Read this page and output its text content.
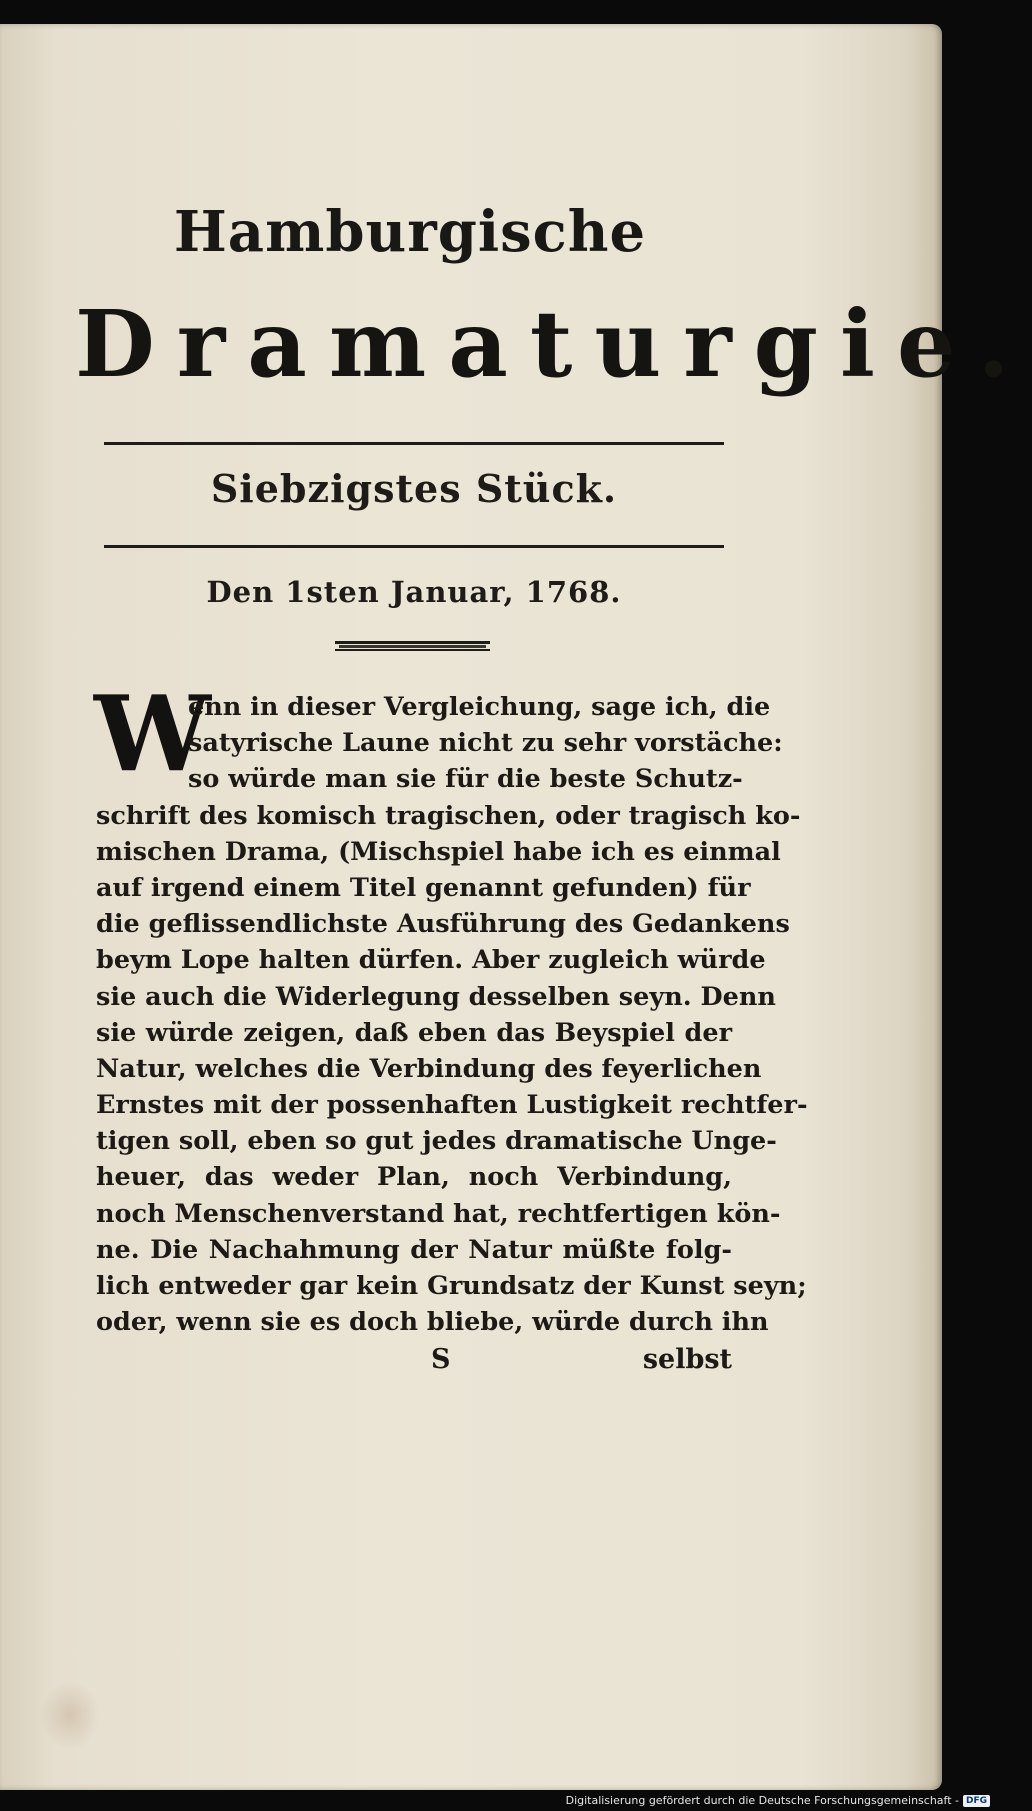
Hamburgische
Dramaturgie.
Siebzigstes Stück.
Den 1sten Januar, 1768.
W
enn in dieser Vergleichung, sage ich, die
satyrische Laune nicht zu sehr vorstäche:
so würde man sie für die beste Schutz-
schrift des komisch tragischen, oder tragisch ko-
mischen Drama, (Mischspiel habe ich es einmal
auf irgend einem Titel genannt gefunden) für
die geflissendlichste Ausführung des Gedankens
beym Lope halten dürfen. Aber zugleich würde
sie auch die Widerlegung desselben seyn. Denn
sie würde zeigen, daß eben das Beyspiel der
Natur, welches die Verbindung des feyerlichen
Ernstes mit der possenhaften Lustigkeit rechtfer-
tigen soll, eben so gut jedes dramatische Unge-
heuer, das weder Plan, noch Verbindung,
noch Menschenverstand hat, rechtfertigen kön-
ne. Die Nachahmung der Natur müßte folg-
lich entweder gar kein Grundsatz der Kunst seyn;
oder, wenn sie es doch bliebe, würde durch ihn
S	selbst
Digitalisierung gefördert durch die Deutsche Forschungsgemeinschaft - DFG
